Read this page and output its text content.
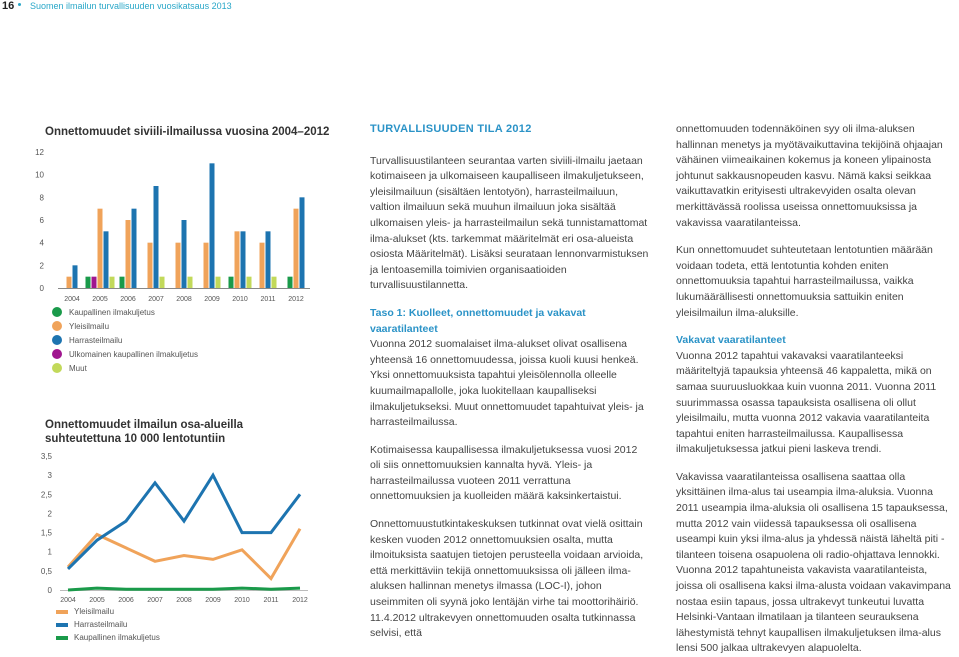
16 Suomen ilmailun turvallisuuden vuosikatsaus 2013
Onnettomuudet siviili-ilmailussa vuosina 2004–2012
0
2
4
6
8
10
12
2004 2005 2006 2007 2008 2009 2010 2011 2012
Kaupallinen ilmakuljetus
Yleisilmailu
Harrasteilmailu
Ulkomainen kaupallinen ilmakuljetus
Muut
Onnettomuudet ilmailun osa-alueilla
suhteutettuna 10 000 lentotuntiin
0
0,5
1
1,5
2
2,5
3
3,5
2004 2005 2006 2007 2008 2009 2010 2011 2012
Yleisilmailu
Harrasteilmailu
Kaupallinen ilmakuljetus
TURVALLISUUDEN TILA 2012

Turvallisuustilanteen seurantaa varten siviili-ilmailu jaetaan kotimaiseen ja ulkomaiseen kaupalliseen ilmakuljetukseen, yleisilmailuun (sisältäen lentotyön), harrasteilmailuun, valtion ilmailuun sekä muuhun ilmailuun joka sisältää ulkomaisen yleis- ja harrasteilmailun sekä tunnistamattomat ilma-alukset (kts. tarkemmat määritelmät eri osa-alueista osiosta Määritelmät). Lisäksi seurataan lennonvarmistuksen ja lentoasemilla toimivien organisaatioiden turvallisuustilannetta.

Taso 1: Kuolleet, onnettomuudet ja vakavat vaaratilanteet

Vuonna 2012 suomalaiset ilma-alukset olivat osallisena yhteensä 16 onnettomuudessa, joissa kuoli kuusi henkeä. Yksi onnettomuuksista tapahtui yleisölennolla olleelle kuumailmapallolle, joka luokitellaan kaupalliseksi ilmakuljetukseksi. Muut onnettomuudet tapahtuivat yleis- ja harrasteilmailussa.

Kotimaisessa kaupallisessa ilmakuljetuksessa vuosi 2012 oli siis onnettomuuksien kannalta hyvä. Yleis- ja harrasteilmailussa vuoteen 2011 verrattuna onnettomuuksien ja kuolleiden määrä kaksinkertaistui.

Onnettomuustutkintakeskuksen tutkinnat ovat vielä osittain kesken vuoden 2012 onnettomuuksien osalta, mutta ilmoituksista saatujen tietojen perusteella voidaan arvioida, että merkittäviin tekijä onnettomuuksissa oli jälleen ilma-aluksen hallinnan menetys ilmassa (LOC-I), johon useimmiten oli syynä joko lentäjän virhe tai moottorihäiriö. 11.4.2012 ultrakevyen onnettomuuden osalta tutkinnassa selvisi, että

onnettomuuden todennäköinen syy oli ilma-aluksen hallinnan menetys ja myötävaikuttavina tekijöinä ohjaajan vähäinen viimeaikainen kokemus ja koneen ylipainosta johtunut sakkausnopeuden kasvu. Nämä kaksi seikkaa vaikuttavatkin erityisesti ultrakevyiden osalta olevan merkittävässä roolissa useissa onnettomuuksissa ja vakavissa vaaratilanteissa.

Kun onnettomuudet suhteutetaan lentotuntien määrään voidaan todeta, että lentotuntia kohden eniten onnettomuuksia tapahtui harrasteilmailussa, vaikka lukumäärällisesti onnettomuuksia sattuikin eniten yleisilmailun ilma-aluksille.

Vakavat vaaratilanteet

Vuonna 2012 tapahtui vakavaksi vaaratilanteeksi määriteltyjä tapauksia yhteensä 46 kappaletta, mikä on samaa suuruusluokkaa kuin vuonna 2011. Vuonna 2011 suurimmassa osassa tapauksista osallisena oli ollut yleisilmailu, mutta vuonna 2012 vakavia vaaratilanteita tapahtui eniten harrasteilmailussa. Kaupallisessa ilmakuljetuksessa jatkui pieni laskeva trendi.

Vakavissa vaaratilanteissa osallisena saattaa olla yksittäinen ilma-alus tai useampia ilma-aluksia. Vuonna 2011 useampia ilma-aluksia oli osallisena 15 tapauksessa, mutta 2012 vain viidessä tapauksessa oli osallisena useampi kuin yksi ilma-alus ja yhdessä näistä läheltä piti -tilanteen toisena osapuolena oli radio-ohjattava lennokki. Vuonna 2012 tapahtuneista vakavista vaaratilanteista, joissa oli osallisena kaksi ilma-alusta voidaan vakavimpana nostaa esiin tapaus, jossa ultrakevyt tunkeutui luvatta Helsinki-Vantaan ilmatilaan ja tilanteen seurauksena lähestymistä tehnyt kaupallisen ilmakuljetuksen ilma-alus lensi 500 jalkaa ultrakevyen alapuolelta.
